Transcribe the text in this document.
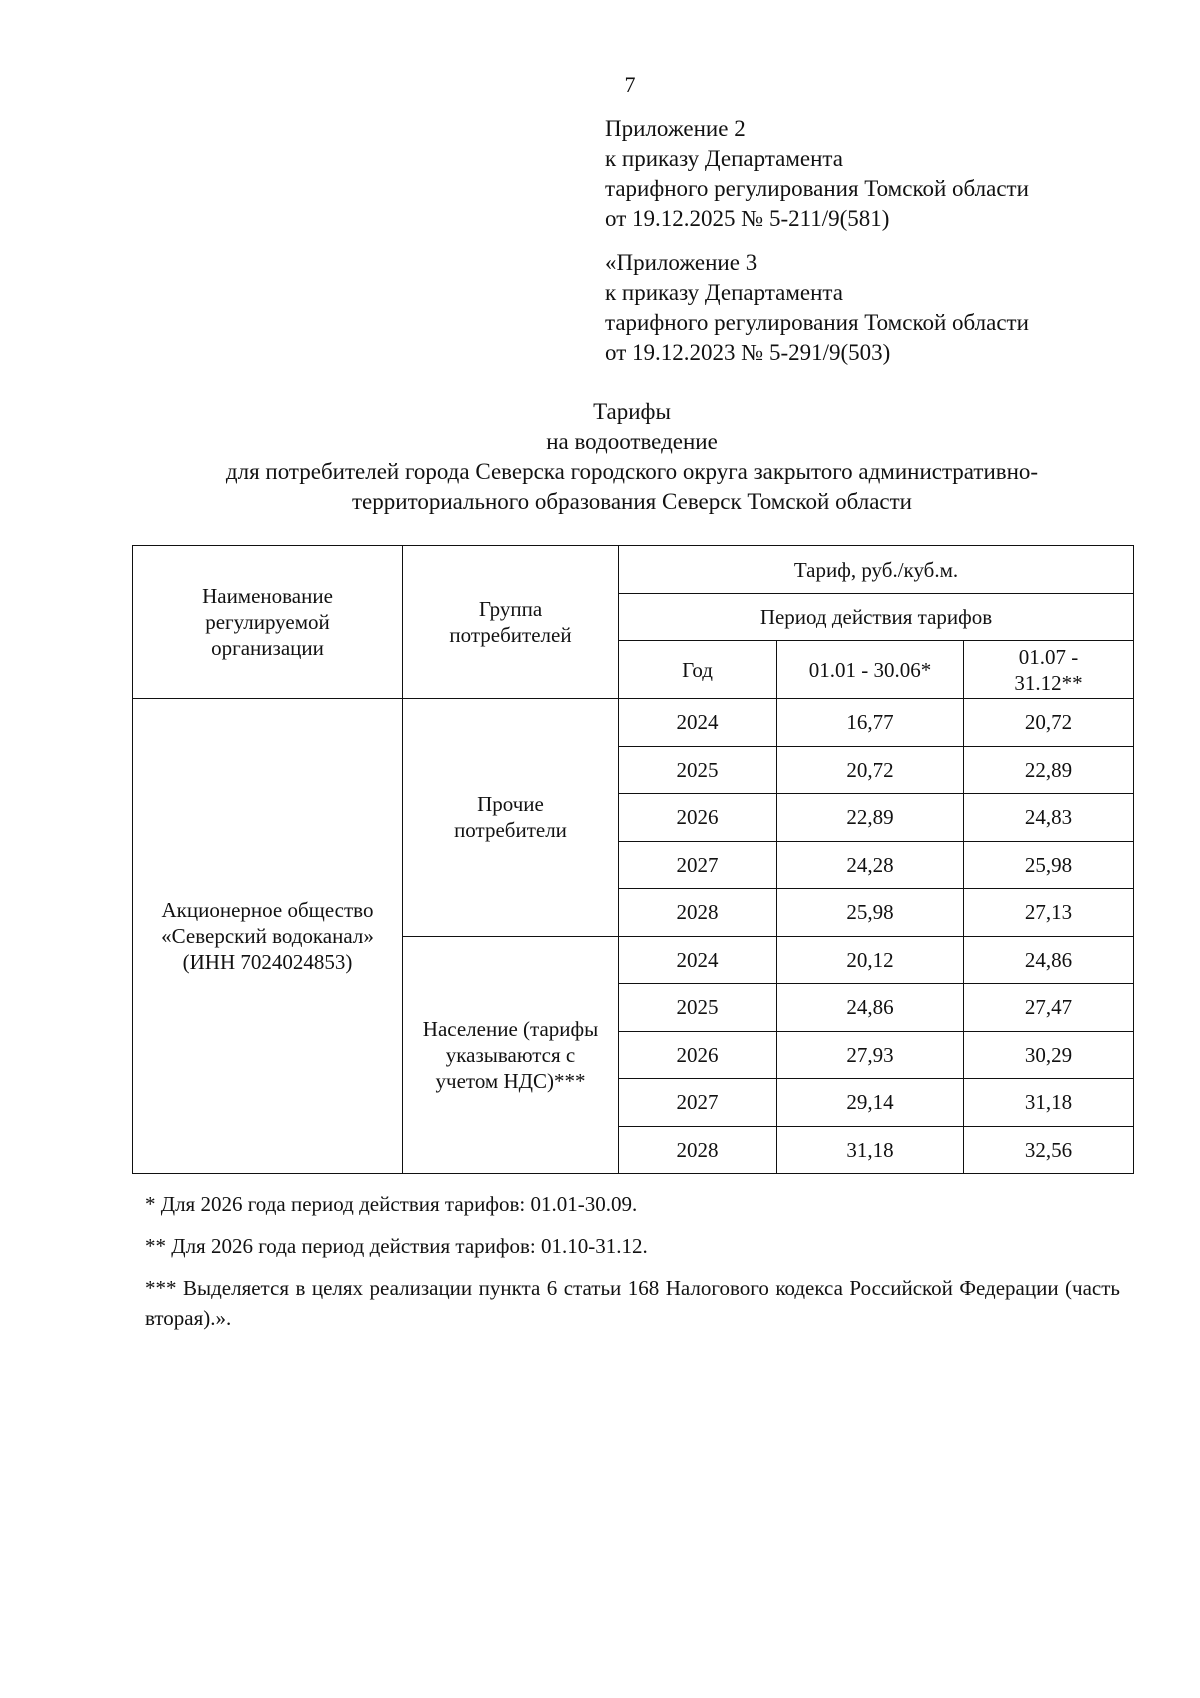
7
Приложение 2
к приказу Департамента
тарифного регулирования Томской области
от 19.12.2025 № 5-211/9(581)
«Приложение 3
к приказу Департамента
тарифного регулирования Томской области
от 19.12.2023 № 5-291/9(503)
Тарифы
на водоотведение
для потребителей города Северска городского округа закрытого административно-
территориального образования Северск Томской области
Наименование регулируемой организации	Группа потребителей	Тариф, руб./куб.м.		
		Период действия тарифов		
		Год	01.01 - 30.06*	01.07 - 31.12**

Акционерное общество
«Северский водоканал»
(ИНН 7024024853)	Прочие потребители	2024	16,77	20,72
		2025	20,72	22,89
		2026	22,89	24,83
		2027	24,28	25,98
		2028	25,98	27,13
	Население (тарифы указываются с учетом НДС)***	2024	20,12	24,86
		2025	24,86	27,47
		2026	27,93	30,29
		2027	29,14	31,18
		2028	31,18	32,56

* Для 2026 года период действия тарифов: 01.01-30.09.

** Для 2026 года период действия тарифов: 01.10-31.12.

*** Выделяется в целях реализации пункта 6 статьи 168 Налогового кодекса Российской Федерации (часть вторая).».
